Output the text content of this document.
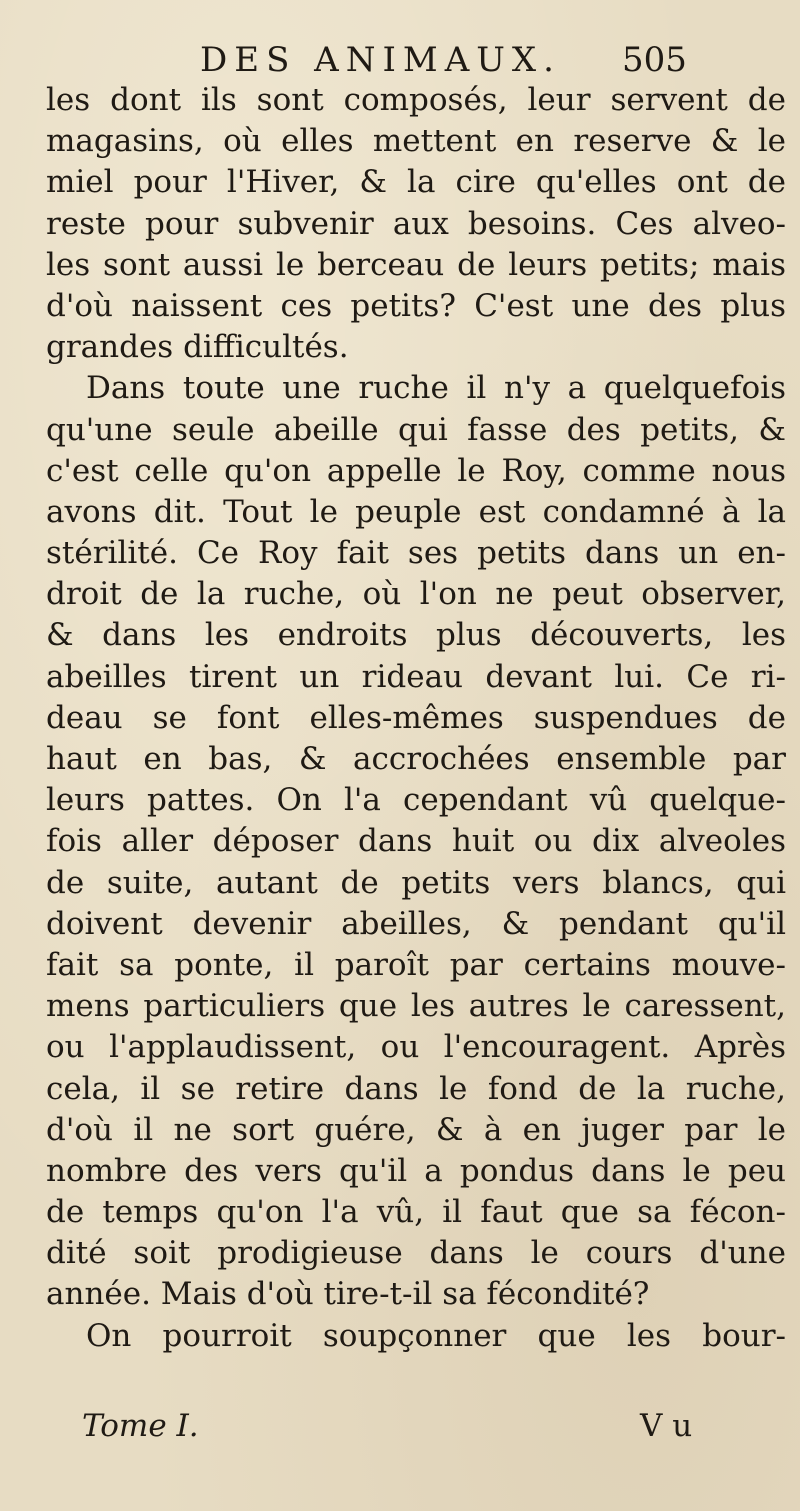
DES ANIMAUX. 505
les dont ils sont composés, leur servent de
magasins, où elles mettent en reserve & le
miel pour l'Hiver, & la cire qu'elles ont de
reste pour subvenir aux besoins. Ces alveo-
les sont aussi le berceau de leurs petits; mais
d'où naissent ces petits? C'est une des plus
grandes difficultés.
Dans toute une ruche il n'y a quelquefois
qu'une seule abeille qui fasse des petits, &
c'est celle qu'on appelle le Roy, comme nous
avons dit. Tout le peuple est condamné à la
stérilité. Ce Roy fait ses petits dans un en-
droit de la ruche, où l'on ne peut observer,
& dans les endroits plus découverts, les
abeilles tirent un rideau devant lui. Ce ri-
deau se font elles-mêmes suspendues de
haut en bas, & accrochées ensemble par
leurs pattes. On l'a cependant vû quelque-
fois aller déposer dans huit ou dix alveoles
de suite, autant de petits vers blancs, qui
doivent devenir abeilles, & pendant qu'il
fait sa ponte, il paroît par certains mouve-
mens particuliers que les autres le caressent,
ou l'applaudissent, ou l'encouragent. Après
cela, il se retire dans le fond de la ruche,
d'où il ne sort guére, & à en juger par le
nombre des vers qu'il a pondus dans le peu
de temps qu'on l'a vû, il faut que sa fécon-
dité soit prodigieuse dans le cours d'une
année. Mais d'où tire-t-il sa fécondité?
On pourroit soupçonner que les bour-
Tome I.	V u
